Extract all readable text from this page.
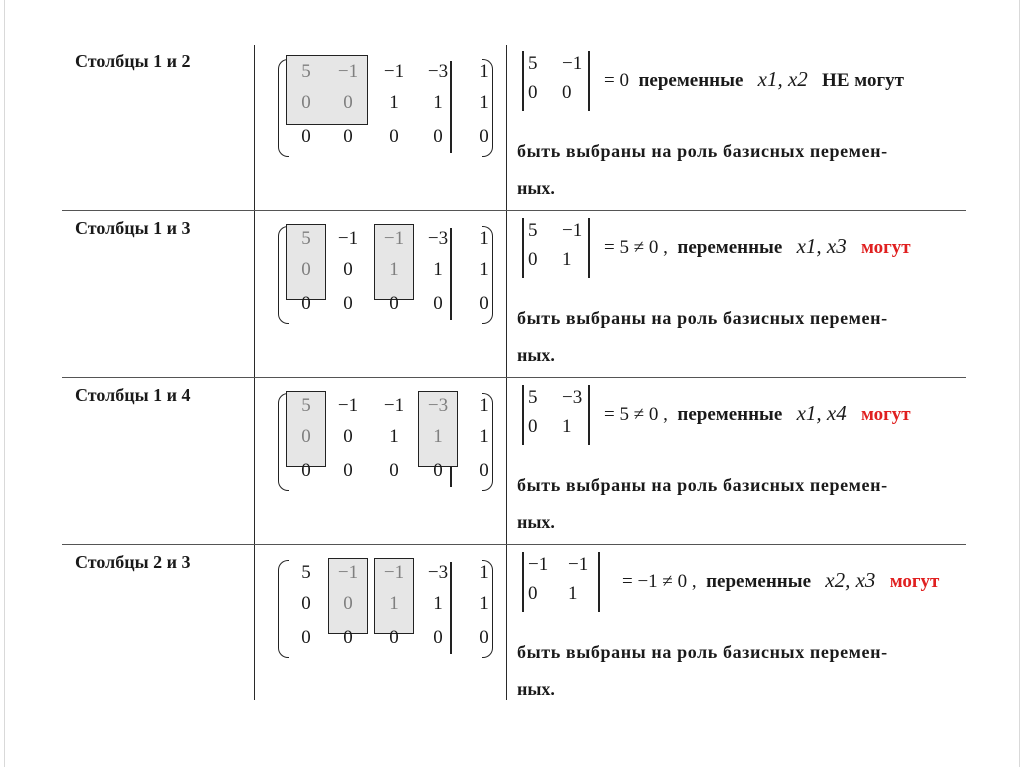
Столбцы 1 и 2	5	−1	−1	−3	1
0	0	1	1	1
0	0	0	0	0
5 −1
0 0
= 0 переменные x1, x2 НЕ могут
быть выбраны на роль базисных перемен-
ных.
Столбцы 1 и 3	5	−1	−1	−3	1
0	0	1	1	1
0	0	0	0	0
5 −1
0 1
= 5 ≠ 0 , переменные x1, x3 могут
быть выбраны на роль базисных перемен-
ных.
Столбцы 1 и 4	5	−1	−1	−3	1
0	0	1	1	1
0	0	0	0	0
5 −3
0 1
= 5 ≠ 0 , переменные x1, x4 могут
быть выбраны на роль базисных перемен-
ных.
Столбцы 2 и 3	5	−1	−1	−3	1
0	0	1	1	1
0	0	0	0	0
−1 −1
0 1
= −1 ≠ 0 , переменные x2, x3 могут
быть выбраны на роль базисных перемен-
ных.
